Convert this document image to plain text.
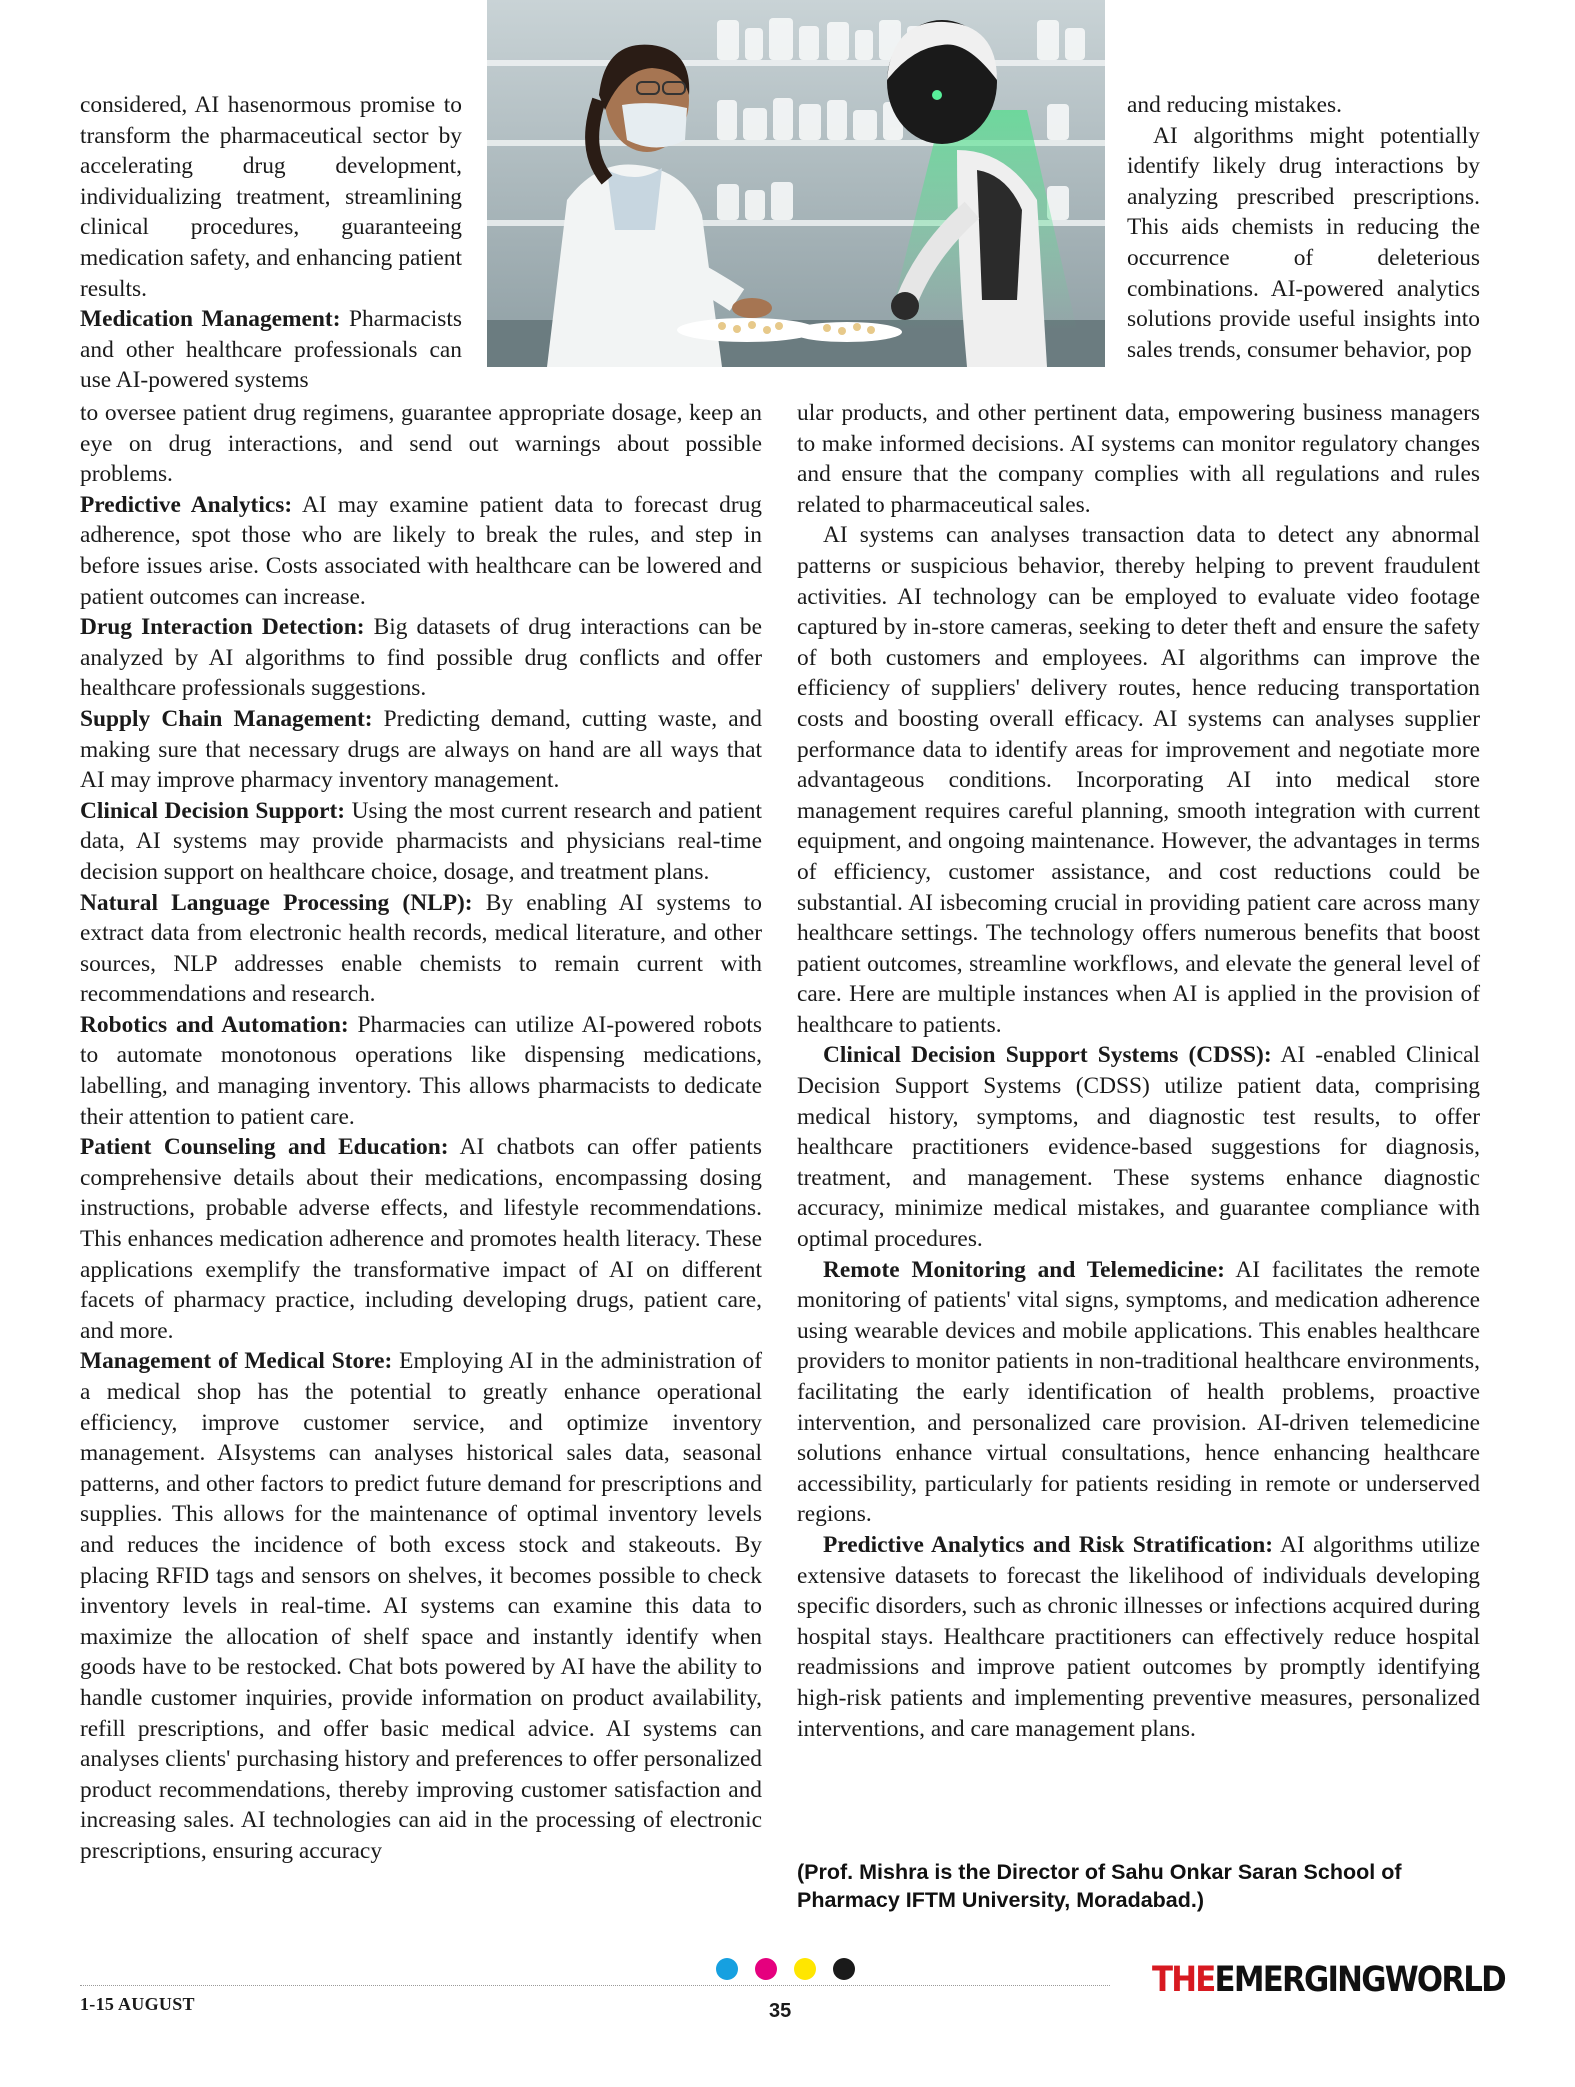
considered, AI hasenormous promise to transform the pharmaceutical sector by accelerating drug development, individualizing treatment, streamlining clinical procedures, guaranteeing medication safety, and enhancing patient results.

Medication Management: Pharmacists and other healthcare professionals can use AI-powered systems

to oversee patient drug regimens, guarantee appropriate dosage, keep an eye on drug interactions, and send out warnings about possible problems.

Predictive Analytics: AI may examine patient data to forecast drug adherence, spot those who are likely to break the rules, and step in before issues arise. Costs associated with healthcare can be lowered and patient outcomes can increase.

Drug Interaction Detection: Big datasets of drug interactions can be analyzed by AI algorithms to find possible drug conflicts and offer healthcare professionals suggestions.

Supply Chain Management: Predicting demand, cutting waste, and making sure that necessary drugs are always on hand are all ways that AI may improve pharmacy inventory management.

Clinical Decision Support: Using the most current research and patient data, AI systems may provide pharmacists and physicians real-time decision support on healthcare choice, dosage, and treatment plans.

Natural Language Processing (NLP): By enabling AI systems to extract data from electronic health records, medical literature, and other sources, NLP addresses enable chemists to remain current with recommendations and research.

Robotics and Automation: Pharmacies can utilize AI-powered robots to automate monotonous operations like dispensing medications, labelling, and managing inventory. This allows pharmacists to dedicate their attention to patient care.

Patient Counseling and Education: AI chatbots can offer patients comprehensive details about their medications, encompassing dosing instructions, probable adverse effects, and lifestyle recommendations. This enhances medication adherence and promotes health literacy. These applications exemplify the transformative impact of AI on different facets of pharmacy practice, including developing drugs, patient care, and more.

Management of Medical Store: Employing AI in the administration of a medical shop has the potential to greatly enhance operational efficiency, improve customer service, and optimize inventory management. AIsystems can analyses historical sales data, seasonal patterns, and other factors to predict future demand for prescriptions and supplies. This allows for the maintenance of optimal inventory levels and reduces the incidence of both excess stock and stakeouts. By placing RFID tags and sensors on shelves, it becomes possible to check inventory levels in real-time. AI systems can examine this data to maximize the allocation of shelf space and instantly identify when goods have to be restocked. Chat bots powered by AI have the ability to handle customer inquiries, provide information on product availability, refill prescriptions, and offer basic medical advice. AI systems can analyses clients' purchasing history and preferences to offer personalized product recommendations, thereby improving customer satisfaction and increasing sales. AI technologies can aid in the processing of electronic prescriptions, ensuring accuracy

and reducing mistakes.

AI algorithms might potentially identify likely drug interactions by analyzing prescribed prescriptions. This aids chemists in reducing the occurrence of deleterious combinations. AI-powered analytics solutions provide useful insights into sales trends, consumer behavior, pop

ular products, and other pertinent data, empowering business managers to make informed decisions. AI systems can monitor regulatory changes and ensure that the company complies with all regulations and rules related to pharmaceutical sales.

AI systems can analyses transaction data to detect any abnormal patterns or suspicious behavior, thereby helping to prevent fraudulent activities. AI technology can be employed to evaluate video footage captured by in-store cameras, seeking to deter theft and ensure the safety of both customers and employees. AI algorithms can improve the efficiency of suppliers' delivery routes, hence reducing transportation costs and boosting overall efficacy. AI systems can analyses supplier performance data to identify areas for improvement and negotiate more advantageous conditions. Incorporating AI into medical store management requires careful planning, smooth integration with current equipment, and ongoing maintenance. However, the advantages in terms of efficiency, customer assistance, and cost reductions could be substantial. AI isbecoming crucial in providing patient care across many healthcare settings. The technology offers numerous benefits that boost patient outcomes, streamline workflows, and elevate the general level of care. Here are multiple instances when AI is applied in the provision of healthcare to patients.

Clinical Decision Support Systems (CDSS): AI -enabled Clinical Decision Support Systems (CDSS) utilize patient data, comprising medical history, symptoms, and diagnostic test results, to offer healthcare practitioners evidence-based suggestions for diagnosis, treatment, and management. These systems enhance diagnostic accuracy, minimize medical mistakes, and guarantee compliance with optimal procedures.

Remote Monitoring and Telemedicine: AI facilitates the remote monitoring of patients' vital signs, symptoms, and medication adherence using wearable devices and mobile applications. This enables healthcare providers to monitor patients in non-traditional healthcare environments, facilitating the early identification of health problems, proactive intervention, and personalized care provision. AI-driven telemedicine solutions enhance virtual consultations, hence enhancing healthcare accessibility, particularly for patients residing in remote or underserved regions.

Predictive Analytics and Risk Stratification: AI algorithms utilize extensive datasets to forecast the likelihood of individuals developing specific disorders, such as chronic illnesses or infections acquired during hospital stays. Healthcare practitioners can effectively reduce hospital readmissions and improve patient outcomes by promptly identifying high-risk patients and implementing preventive measures, personalized interventions, and care management plans.

(Prof. Mishra is the Director of Sahu Onkar Saran School of Pharmacy IFTM University, Moradabad.)
1-15 AUGUST	35
THEEMERGINGWORLD
